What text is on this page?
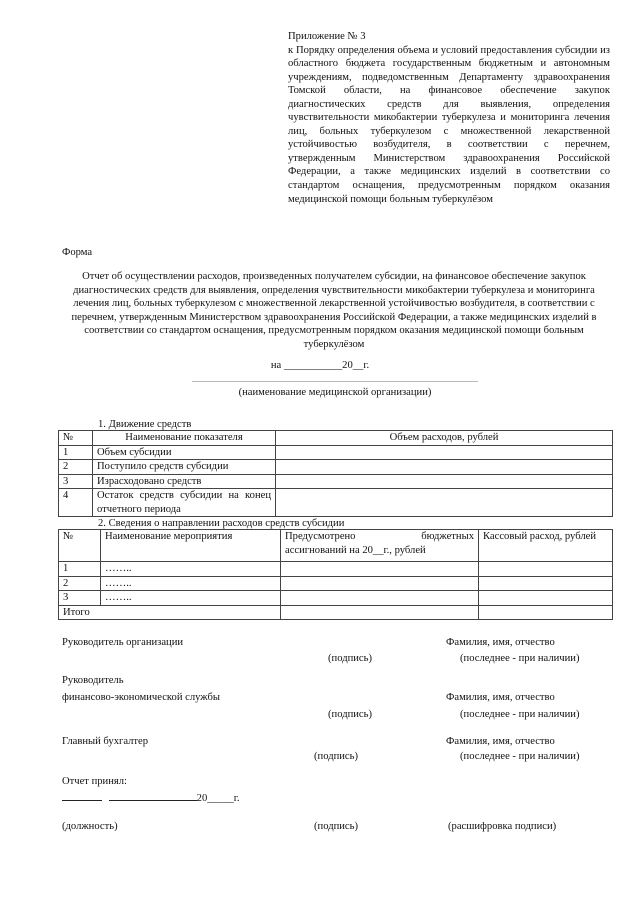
Приложение № 3
к Порядку определения объема и условий предоставления субсидии из областного бюджета государственным бюджетным и автономным учреждениям, подведомственным Департаменту здравоохранения Томской области, на финансовое обеспечение закупок диагностических средств для выявления, определения чувствительности микобактерии туберкулеза и мониторинга лечения лиц, больных туберкулезом с множественной лекарственной устойчивостью возбудителя, в соответствии с перечнем, утвержденным Министерством здравоохранения Российской Федерации, а также медицинских изделий в соответствии со стандартом оснащения, предусмотренным порядком оказания медицинской помощи больным туберкулёзом
Форма
Отчет об осуществлении расходов, произведенных получателем субсидии, на финансовое обеспечение закупок диагностических средств для выявления, определения чувствительности микобактерии туберкулеза и мониторинга лечения лиц, больных туберкулезом с множественной лекарственной устойчивостью возбудителя, в соответствии с перечнем, утвержденным Министерством здравоохранения Российской Федерации, а также медицинских изделий в соответствии со стандартом оснащения, предусмотренным порядком оказания медицинской помощи больным туберкулёзом
на ___________20__г.
(наименование медицинской организации)
1. Движение средств
№	Наименование показателя	Объем расходов, рублей
1	Объем субсидии	
2	Поступило средств субсидии	
3	Израсходовано средств	
4	Остаток средств субсидии на конец отчетного периода	
2. Сведения о направлении расходов средств субсидии
№	Наименование мероприятия	Предусмотрено бюджетных ассигнований на 20__г., рублей	Кассовый расход, рублей
1	……..		
2	……..		
3	……..		
Итого			
Руководитель организации
(подпись)
Фамилия, имя, отчество
(последнее - при наличии)
Руководитель
финансово-экономической службы
(подпись)
Фамилия, имя, отчество
(последнее - при наличии)
Главный бухгалтер
(подпись)
Фамилия, имя, отчество
(последнее - при наличии)
Отчет принял:
20_____г.
(должность)	(подпись)	(расшифровка подписи)
